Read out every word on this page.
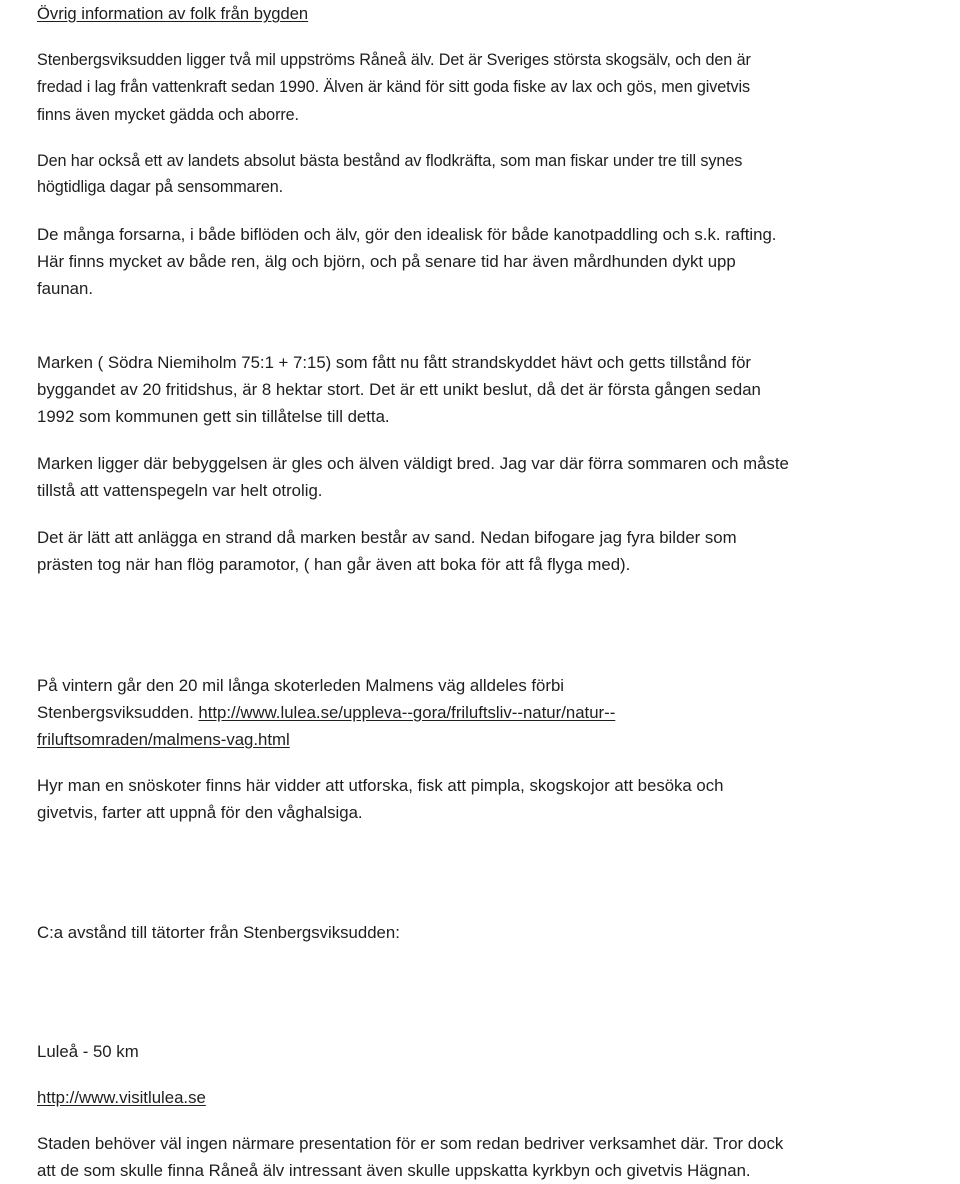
Övrig information av folk från bygden
Stenbergsviksudden ligger två mil uppströms Råneå älv. Det är Sveriges största skogsälv, och den är
fredad i lag från vattenkraft sedan 1990. Älven är känd för sitt goda fiske av lax och gös, men givetvis
finns även mycket gädda och aborre.
Den har också ett av landets absolut bästa bestånd av flodkräfta, som man fiskar under tre till synes
högtidliga dagar på sensommaren.
De många forsarna, i både biflöden och älv, gör den idealisk för både kanotpaddling och s.k. rafting.
Här finns mycket av både ren, älg och björn, och på senare tid har även mårdhunden dykt upp
faunan.
Marken ( Södra Niemiholm 75:1 + 7:15) som fått nu fått strandskyddet hävt och getts tillstånd för
byggandet av 20 fritidshus, är 8 hektar stort. Det är ett unikt beslut, då det är första gången sedan
1992 som kommunen gett sin tillåtelse till detta.
Marken ligger där bebyggelsen är gles och älven väldigt bred. Jag var där förra sommaren och måste
tillstå att vattenspegeln var helt otrolig.
Det är lätt att anlägga en strand då marken består av sand. Nedan bifogare jag fyra bilder som
prästen tog när han flög paramotor, ( han går även att boka för att få flyga med).
På vintern går den 20 mil långa skoterleden Malmens väg alldeles förbi
Stenbergsviksudden. http://www.lulea.se/uppleva--gora/friluftsliv--natur/natur--
friluftsomraden/malmens-vag.html
Hyr man en snöskoter finns här vidder att utforska, fisk att pimpla, skogskojor att besöka och
givetvis, farter att uppnå för den våghalsiga.
C:a avstånd till tätorter från Stenbergsviksudden:
Luleå - 50 km
http://www.visitlulea.se
Staden behöver väl ingen närmare presentation för er som redan bedriver verksamhet där. Tror dock
att de som skulle finna Råneå älv intressant även skulle uppskatta kyrkbyn och givetvis Hägnan.
